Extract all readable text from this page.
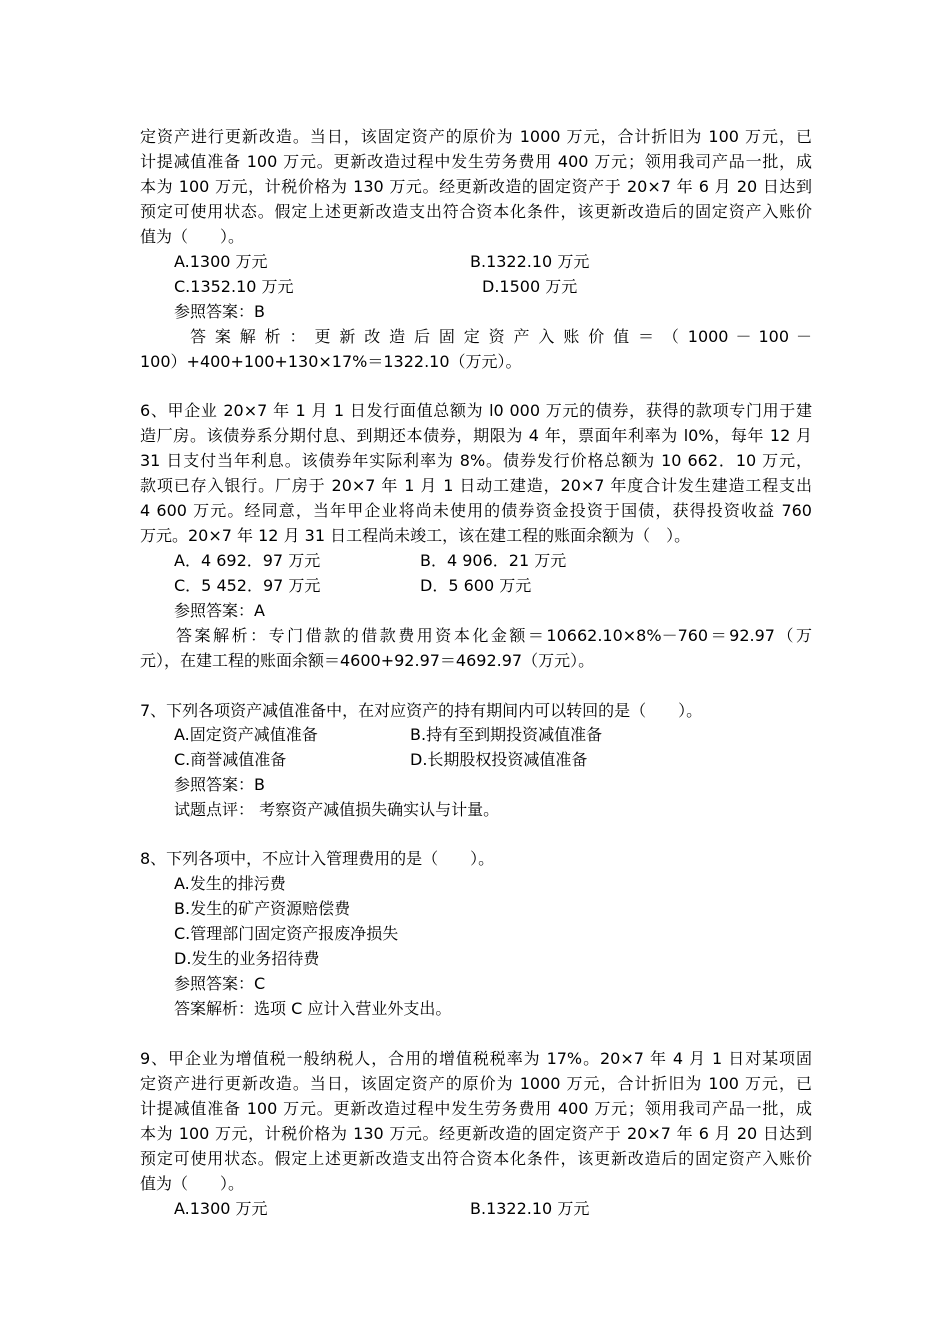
定资产进行更新改造。当日，该固定资产的原价为 1000 万元，合计折旧为 100 万元，已
计提减值准备 100 万元。更新改造过程中发生劳务费用 400 万元；领用我司产品一批，成
本为 100 万元，计税价格为 130 万元。经更新改造的固定资产于 20×7 年 6 月 20 日达到
预定可使用状态。假定上述更新改造支出符合资本化条件，该更新改造后的固定资产入账价
值为（　　）。
A.1300 万元	B.1322.10 万元
C.1352.10 万元	D.1500 万元
参照答案：B
答 案 解 析 ： 更 新 改 造 后 固 定 资 产 入 账 价 值 ＝ （ 1000 － 100 －
100）+400+100+130×17%＝1322.10（万元）。
6、甲企业 20×7 年 1 月 1 日发行面值总额为 l0 000 万元的债券，获得的款项专门用于建
造厂房。该债券系分期付息、到期还本债券，期限为 4 年，票面年利率为 l0%，每年 12 月
31 日支付当年利息。该债券年实际利率为 8%。债券发行价格总额为 10 662．10 万元，
款项已存入银行。厂房于 20×7 年 1 月 1 日动工建造，20×7 年度合计发生建造工程支出
4 600 万元。经同意，当年甲企业将尚未使用的债券资金投资于国债，获得投资收益 760
万元。20×7 年 12 月 31 日工程尚未竣工，该在建工程的账面余额为（　）。
A．4 692．97 万元	B．4 906．21 万元
C．5 452．97 万元	D．5 600 万元
参照答案：A
答案解析：专门借款的借款费用资本化金额＝10662.10×8%－760＝92.97（万
元），在建工程的账面余额＝4600+92.97＝4692.97（万元）。
7、下列各项资产减值准备中，在对应资产的持有期间内可以转回的是（　　）。
A.固定资产减值准备	B.持有至到期投资减值准备
C.商誉减值准备	D.长期股权投资减值准备
参照答案：B
试题点评： 考察资产减值损失确实认与计量。
8、下列各项中，不应计入管理费用的是（　　）。
A.发生的排污费
B.发生的矿产资源赔偿费
C.管理部门固定资产报废净损失
D.发生的业务招待费
参照答案：C
答案解析：选项 C 应计入营业外支出。
9、甲企业为增值税一般纳税人，合用的增值税税率为 17%。20×7 年 4 月 1 日对某项固
定资产进行更新改造。当日，该固定资产的原价为 1000 万元，合计折旧为 100 万元，已
计提减值准备 100 万元。更新改造过程中发生劳务费用 400 万元；领用我司产品一批，成
本为 100 万元，计税价格为 130 万元。经更新改造的固定资产于 20×7 年 6 月 20 日达到
预定可使用状态。假定上述更新改造支出符合资本化条件，该更新改造后的固定资产入账价
值为（　　）。
A.1300 万元	B.1322.10 万元
